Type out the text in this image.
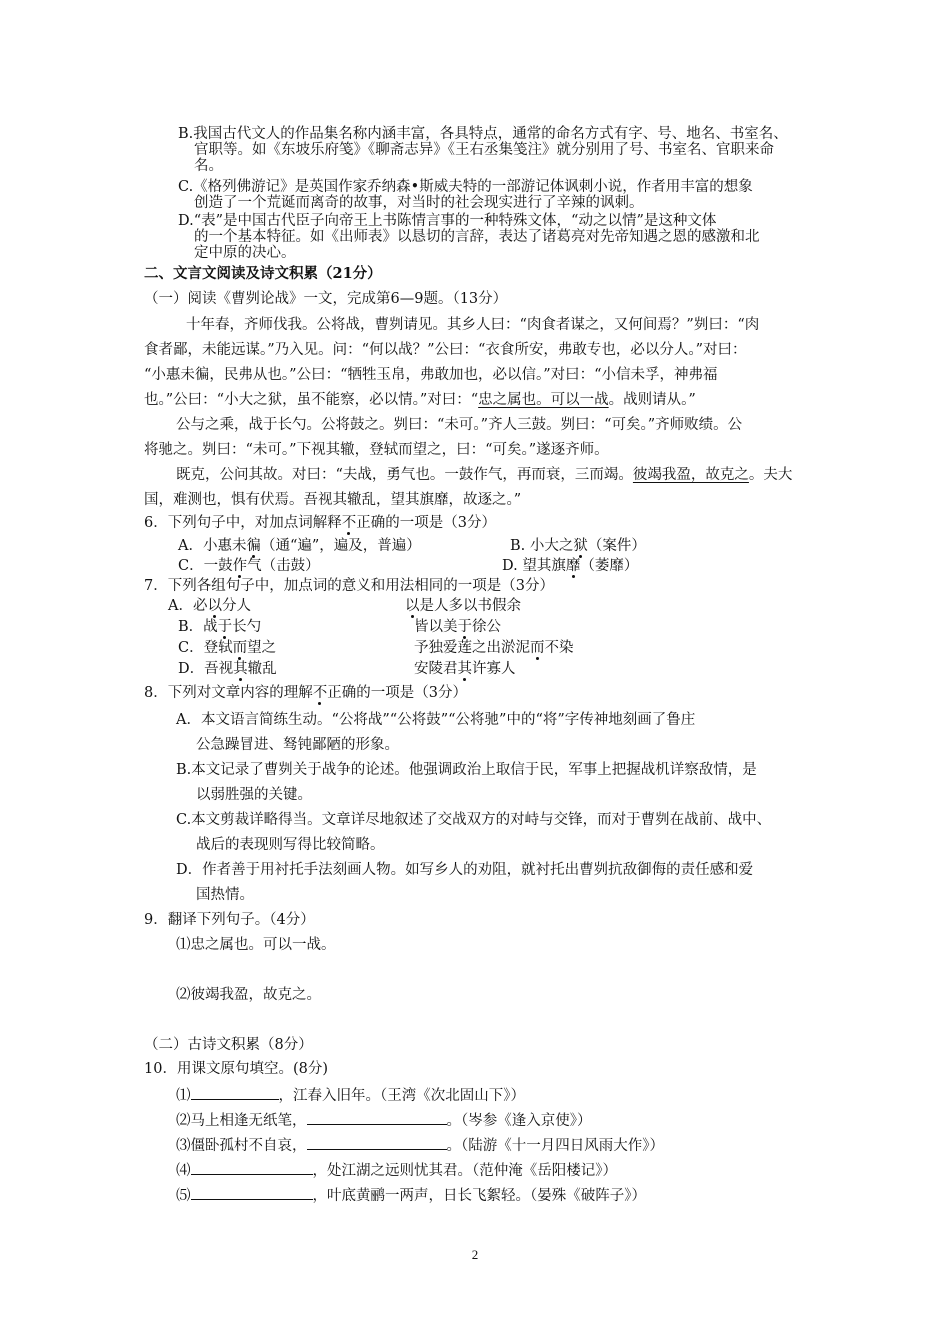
B.我国古代文人的作品集名称内涵丰富，各具特点，通常的命名方式有字、号、地名、书室名、
官职等。如《东坡乐府笺》《聊斋志异》《王右丞集笺注》就分别用了号、书室名、官职来命
名。
C.《格列佛游记》是英国作家乔纳森•斯威夫特的一部游记体讽刺小说，作者用丰富的想象
创造了一个荒诞而离奇的故事，对当时的社会现实进行了辛辣的讽刺。
D.“表”是中国古代臣子向帝王上书陈情言事的一种特殊文体，“动之以情”是这种文体
的一个基本特征。如《出师表》以恳切的言辞，表达了诸葛亮对先帝知遇之恩的感激和北
定中原的决心。
二、文言文阅读及诗文积累（21分）
（一）阅读《曹刿论战》一文，完成第6—9题。（13分）
十年春，齐师伐我。公将战，曹刿请见。其乡人曰：“肉食者谋之，又何间焉？”刿曰：“肉
食者鄙，未能远谋。”乃入见。问：“何以战？”公曰：“衣食所安，弗敢专也，必以分人。”对曰：
“小惠未徧，民弗从也。”公曰：“牺牲玉帛，弗敢加也，必以信。”对曰：“小信未孚，神弗福
也。”公曰：“小大之狱，虽不能察，必以情。”对曰：“忠之属也。可以一战。战则请从。”
公与之乘，战于长勺。公将鼓之。刿曰：“未可。”齐人三鼓。刿曰：“可矣。”齐师败绩。公
将驰之。刿曰：“未可。”下视其辙，登轼而望之，曰：“可矣。”遂逐齐师。
既克，公问其故。对曰：“夫战，勇气也。一鼓作气，再而衰，三而竭。彼竭我盈，故克之。夫大
国，难测也，惧有伏焉。吾视其辙乱，望其旗靡，故逐之。”
6．下列句子中，对加点词解释不正确的一项是（3分）
A．小惠未徧（通“遍”，遍及，普遍）	B. 小大之狱（案件）
C．一鼓作气（击鼓）	D. 望其旗靡（萎靡）
7．下列各组句子中，加点词的意义和用法相同的一项是（3分）
A．必以分人	以是人多以书假余
B．战于长勺	皆以美于徐公
C．登轼而望之	予独爱莲之出淤泥而不染
D．吾视其辙乱	安陵君其许寡人
8．下列对文章内容的理解不正确的一项是（3分）
A．本文语言简练生动。“公将战”“公将鼓”“公将驰”中的“将”字传神地刻画了鲁庄
公急躁冒进、驽钝鄙陋的形象。
B.本文记录了曹刿关于战争的论述。他强调政治上取信于民，军事上把握战机详察敌情，是
以弱胜强的关键。
C.本文剪裁详略得当。文章详尽地叙述了交战双方的对峙与交锋，而对于曹刿在战前、战中、
战后的表现则写得比较简略。
D．作者善于用衬托手法刻画人物。如写乡人的劝阻，就衬托出曹刿抗敌御侮的责任感和爱
国热情。
9．翻译下列句子。（4分）
⑴忠之属也。可以一战。
⑵彼竭我盈，故克之。
（二）古诗文积累（8分）
10．用课文原句填空。(8分)
⑴	，江春入旧年。（王湾《次北固山下》）
⑵马上相逢无纸笔，	。（岑参《逢入京使》）
⑶僵卧孤村不自哀，	。（陆游《十一月四日风雨大作》）
⑷	，处江湖之远则忧其君。（范仲淹《岳阳楼记》）
⑸	，叶底黄鹂一两声，日长飞絮轻。（晏殊《破阵子》）
2
